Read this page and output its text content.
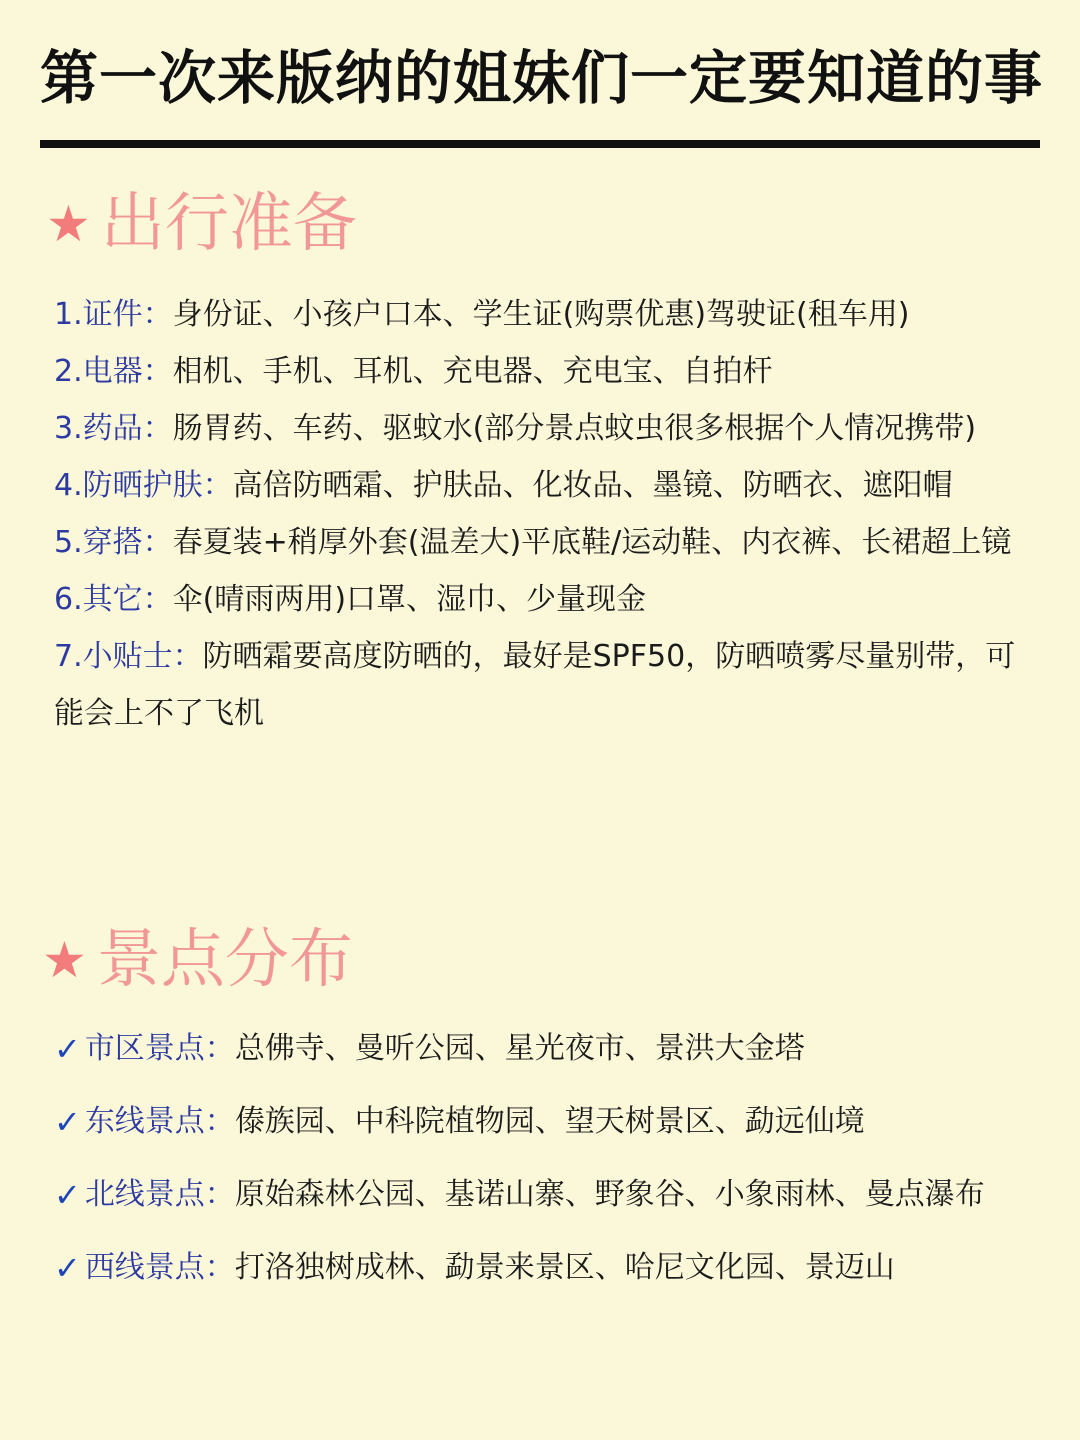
第一次来版纳的姐妹们一定要知道的事
★ 出行准备
1.证件：身份证、小孩户口本、学生证(购票优惠)驾驶证(租车用)
2.电器：相机、手机、耳机、充电器、充电宝、自拍杆
3.药品：肠胃药、车药、驱蚊水(部分景点蚊虫很多根据个人情况携带)
4.防晒护肤：高倍防晒霜、护肤品、化妆品、墨镜、防晒衣、遮阳帽
5.穿搭：春夏装+稍厚外套(温差大)平底鞋/运动鞋、内衣裤、长裙超上镜
6.其它：伞(晴雨两用)口罩、湿巾、少量现金
7.小贴士：防晒霜要高度防晒的，最好是SPF50，防晒喷雾尽量别带，可能会上不了飞机
★ 景点分布
✓ 市区景点： 总佛寺、曼听公园、星光夜市、景洪大金塔
✓ 东线景点： 傣族园、中科院植物园、望天树景区、勐远仙境
✓ 北线景点： 原始森林公园、基诺山寨、野象谷、小象雨林、曼点瀑布
✓ 西线景点： 打洛独树成林、勐景来景区、哈尼文化园、景迈山
